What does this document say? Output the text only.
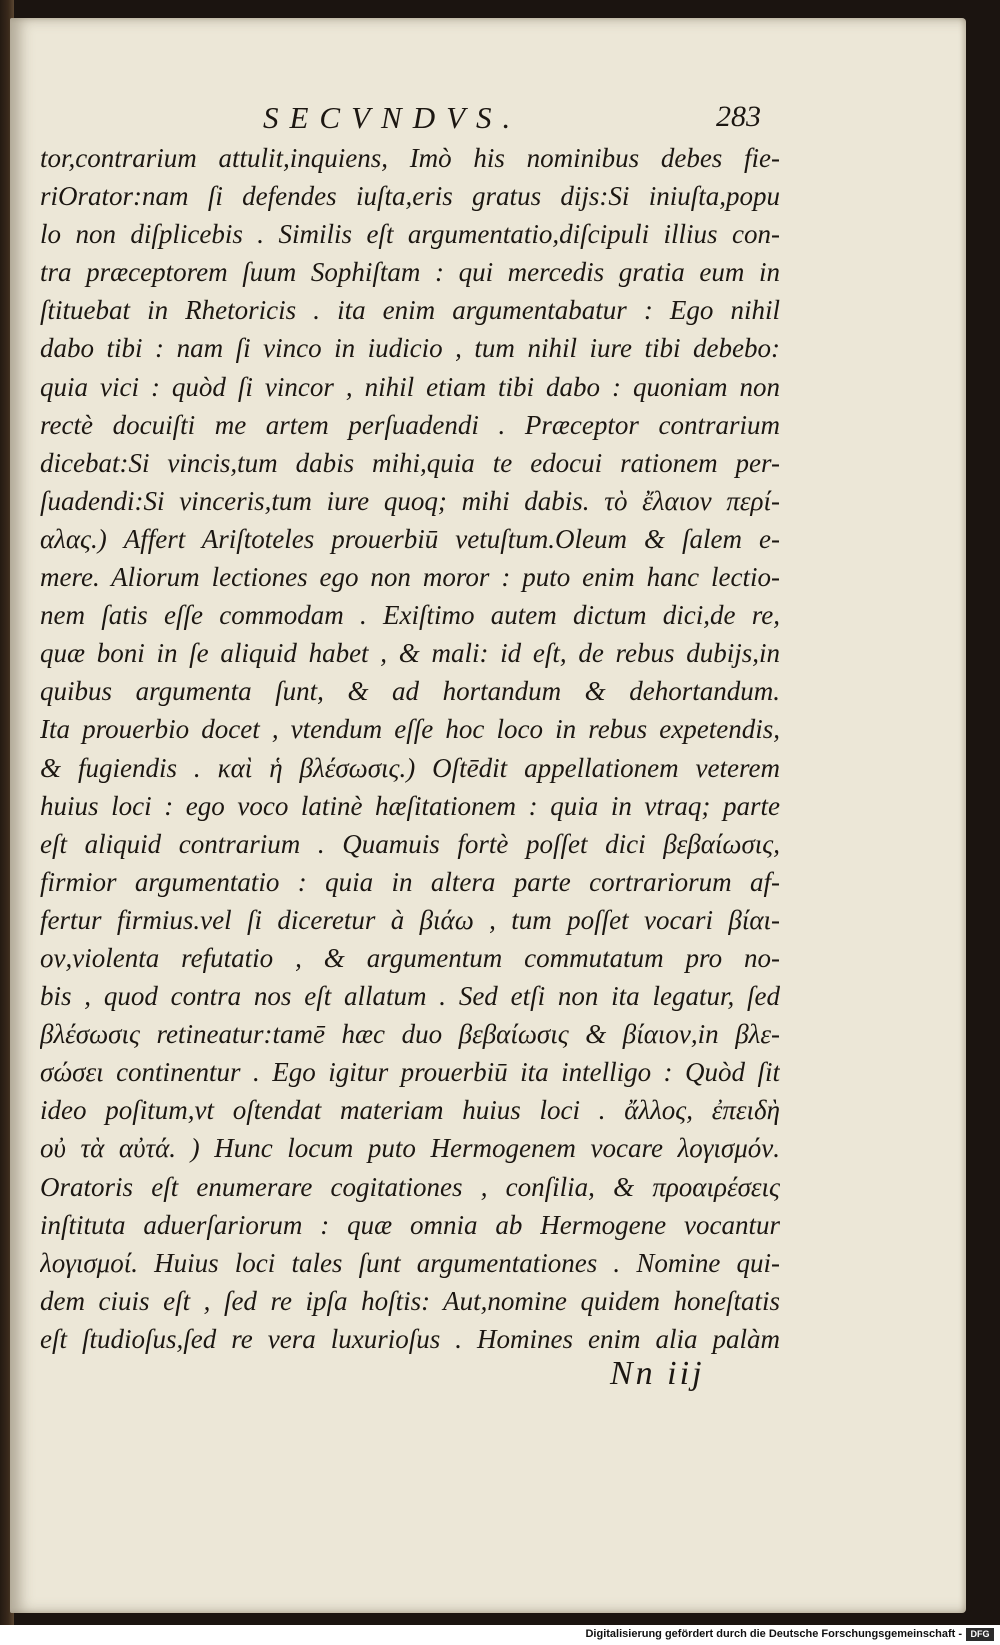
SECVNDVS.	283
tor,contrarium attulit,inquiens, Imò his nominibus debes fie-
riOrator:nam ſi defendes iuſta,eris gratus dijs:Si iniuſta,popu
lo non diſplicebis . Similis eſt argumentatio,diſcipuli illius con-
tra præceptorem ſuum Sophiſtam : qui mercedis gratia eum in
ſtituebat in Rhetoricis . ita enim argumentabatur : Ego nihil
dabo tibi : nam ſi vinco in iudicio , tum nihil iure tibi debebo:
quia vici : quòd ſi vincor , nihil etiam tibi dabo : quoniam non
rectè docuiſti me artem perſuadendi . Præceptor contrarium
dicebat:Si vincis,tum dabis mihi,quia te edocui rationem per-
ſuadendi:Si vinceris,tum iure quoq; mihi dabis. τὸ ἔλαιον περί-
αλας.) Affert Ariſtoteles prouerbiū vetuſtum.Oleum & ſalem e-
mere. Aliorum lectiones ego non moror : puto enim hanc lectio-
nem ſatis eſſe commodam . Exiſtimo autem dictum dici,de re,
quæ boni in ſe aliquid habet , & mali: id eſt, de rebus dubijs,in
quibus argumenta ſunt, & ad hortandum & dehortandum.
Ita prouerbio docet , vtendum eſſe hoc loco in rebus expetendis,
& fugiendis . καὶ ἡ βλέσωσις.) Oſtēdit appellationem veterem
huius loci : ego voco latinè hæſitationem : quia in vtraq; parte
eſt aliquid contrarium . Quamuis fortè poſſet dici βεβαίωσις,
firmior argumentatio : quia in altera parte cortrariorum af-
fertur firmius.vel ſi diceretur à βιάω , tum poſſet vocari βίαι-
ον,violenta refutatio , & argumentum commutatum pro no-
bis , quod contra nos eſt allatum . Sed etſi non ita legatur, ſed
βλέσωσις retineatur:tamē hæc duo βεβαίωσις & βίαιον,in βλε-
σώσει continentur . Ego igitur prouerbiū ita intelligo : Quòd ſit
ideo poſitum,vt oſtendat materiam huius loci . ἄλλος, ἐπειδὴ
οὐ τὰ αὐτά. ) Hunc locum puto Hermogenem vocare λογισμόν.
Oratoris eſt enumerare cogitationes , conſilia, & προαιρέσεις
inſtituta aduerſariorum : quæ omnia ab Hermogene vocantur
λογισμοί. Huius loci tales ſunt argumentationes . Nomine qui-
dem ciuis eſt , ſed re ipſa hoſtis: Aut,nomine quidem honeſtatis
eſt ſtudioſus,ſed re vera luxurioſus . Homines enim alia palàm
Nn iij
Digitalisierung gefördert durch die Deutsche Forschungsgemeinschaft - DFG
